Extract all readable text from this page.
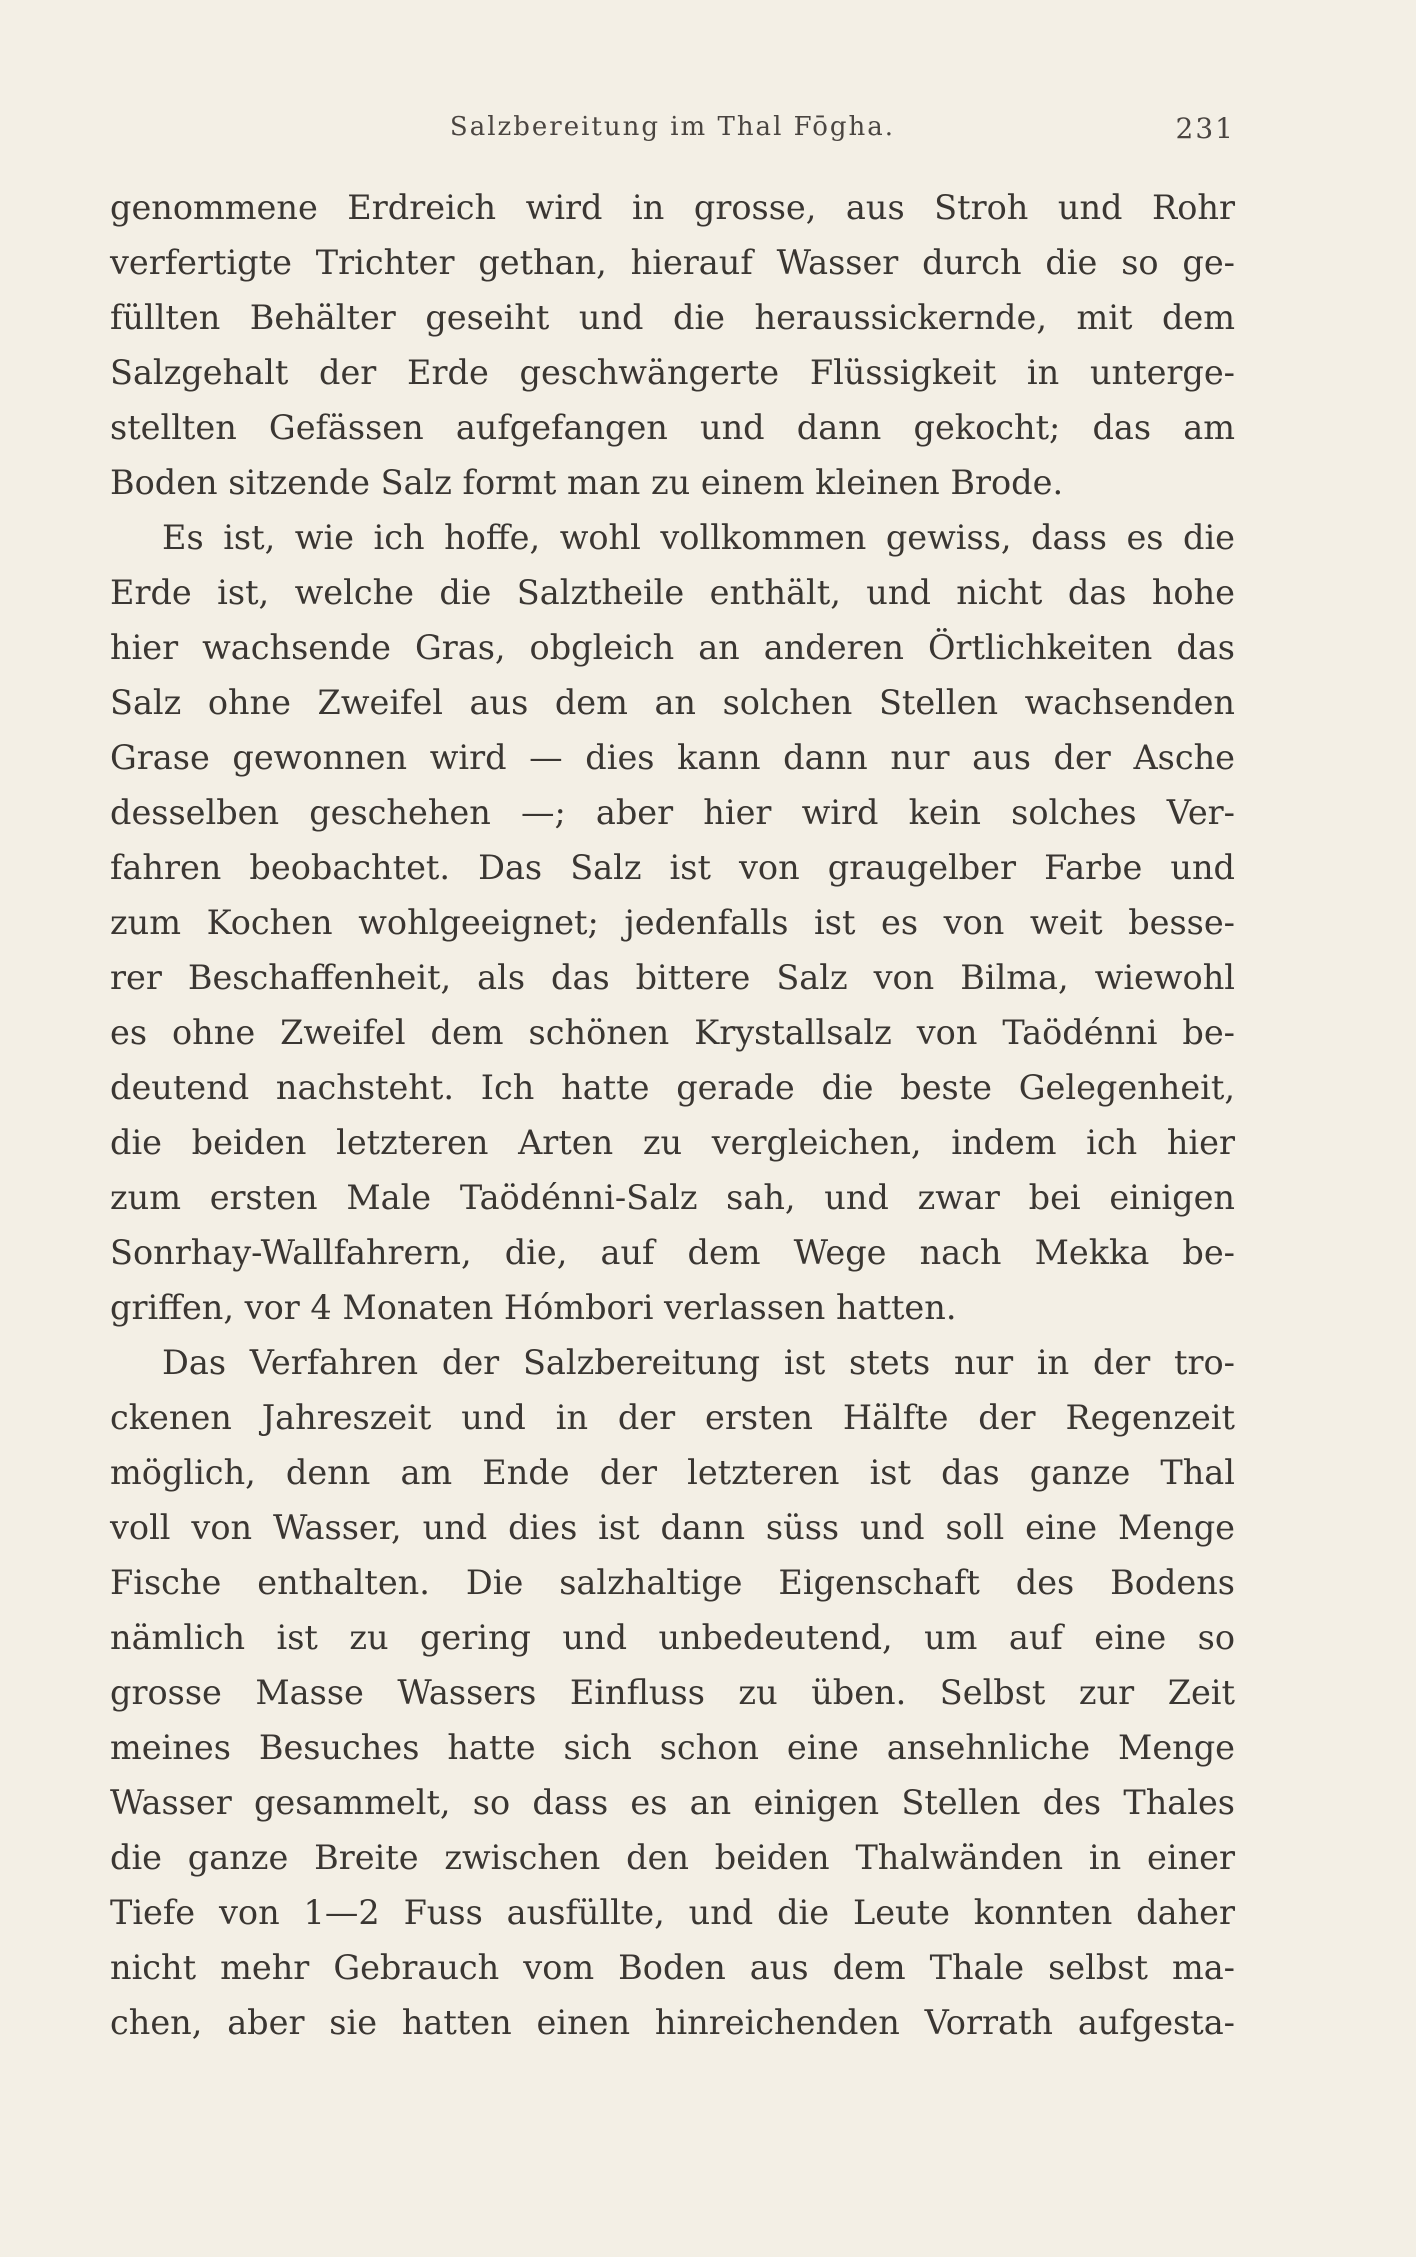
Salzbereitung im Thal Fōgha.	231
genommene Erdreich wird in grosse, aus Stroh und Rohr
verfertigte Trichter gethan, hierauf Wasser durch die so ge-
füllten Behälter geseiht und die heraussickernde, mit dem
Salzgehalt der Erde geschwängerte Flüssigkeit in unterge-
stellten Gefässen aufgefangen und dann gekocht; das am
Boden sitzende Salz formt man zu einem kleinen Brode.
Es ist, wie ich hoffe, wohl vollkommen gewiss, dass es die
Erde ist, welche die Salztheile enthält, und nicht das hohe
hier wachsende Gras, obgleich an anderen Örtlichkeiten das
Salz ohne Zweifel aus dem an solchen Stellen wachsenden
Grase gewonnen wird — dies kann dann nur aus der Asche
desselben geschehen —; aber hier wird kein solches Ver-
fahren beobachtet. Das Salz ist von graugelber Farbe und
zum Kochen wohlgeeignet; jedenfalls ist es von weit besse-
rer Beschaffenheit, als das bittere Salz von Bilma, wiewohl
es ohne Zweifel dem schönen Krystallsalz von Taödénni be-
deutend nachsteht. Ich hatte gerade die beste Gelegenheit,
die beiden letzteren Arten zu vergleichen, indem ich hier
zum ersten Male Taödénni-Salz sah, und zwar bei einigen
Sonrhay-Wallfahrern, die, auf dem Wege nach Mekka be-
griffen, vor 4 Monaten Hómbori verlassen hatten.
Das Verfahren der Salzbereitung ist stets nur in der tro-
ckenen Jahreszeit und in der ersten Hälfte der Regenzeit
möglich, denn am Ende der letzteren ist das ganze Thal
voll von Wasser, und dies ist dann süss und soll eine Menge
Fische enthalten. Die salzhaltige Eigenschaft des Bodens
nämlich ist zu gering und unbedeutend, um auf eine so
grosse Masse Wassers Einfluss zu üben. Selbst zur Zeit
meines Besuches hatte sich schon eine ansehnliche Menge
Wasser gesammelt, so dass es an einigen Stellen des Thales
die ganze Breite zwischen den beiden Thalwänden in einer
Tiefe von 1—2 Fuss ausfüllte, und die Leute konnten daher
nicht mehr Gebrauch vom Boden aus dem Thale selbst ma-
chen, aber sie hatten einen hinreichenden Vorrath aufgesta-
